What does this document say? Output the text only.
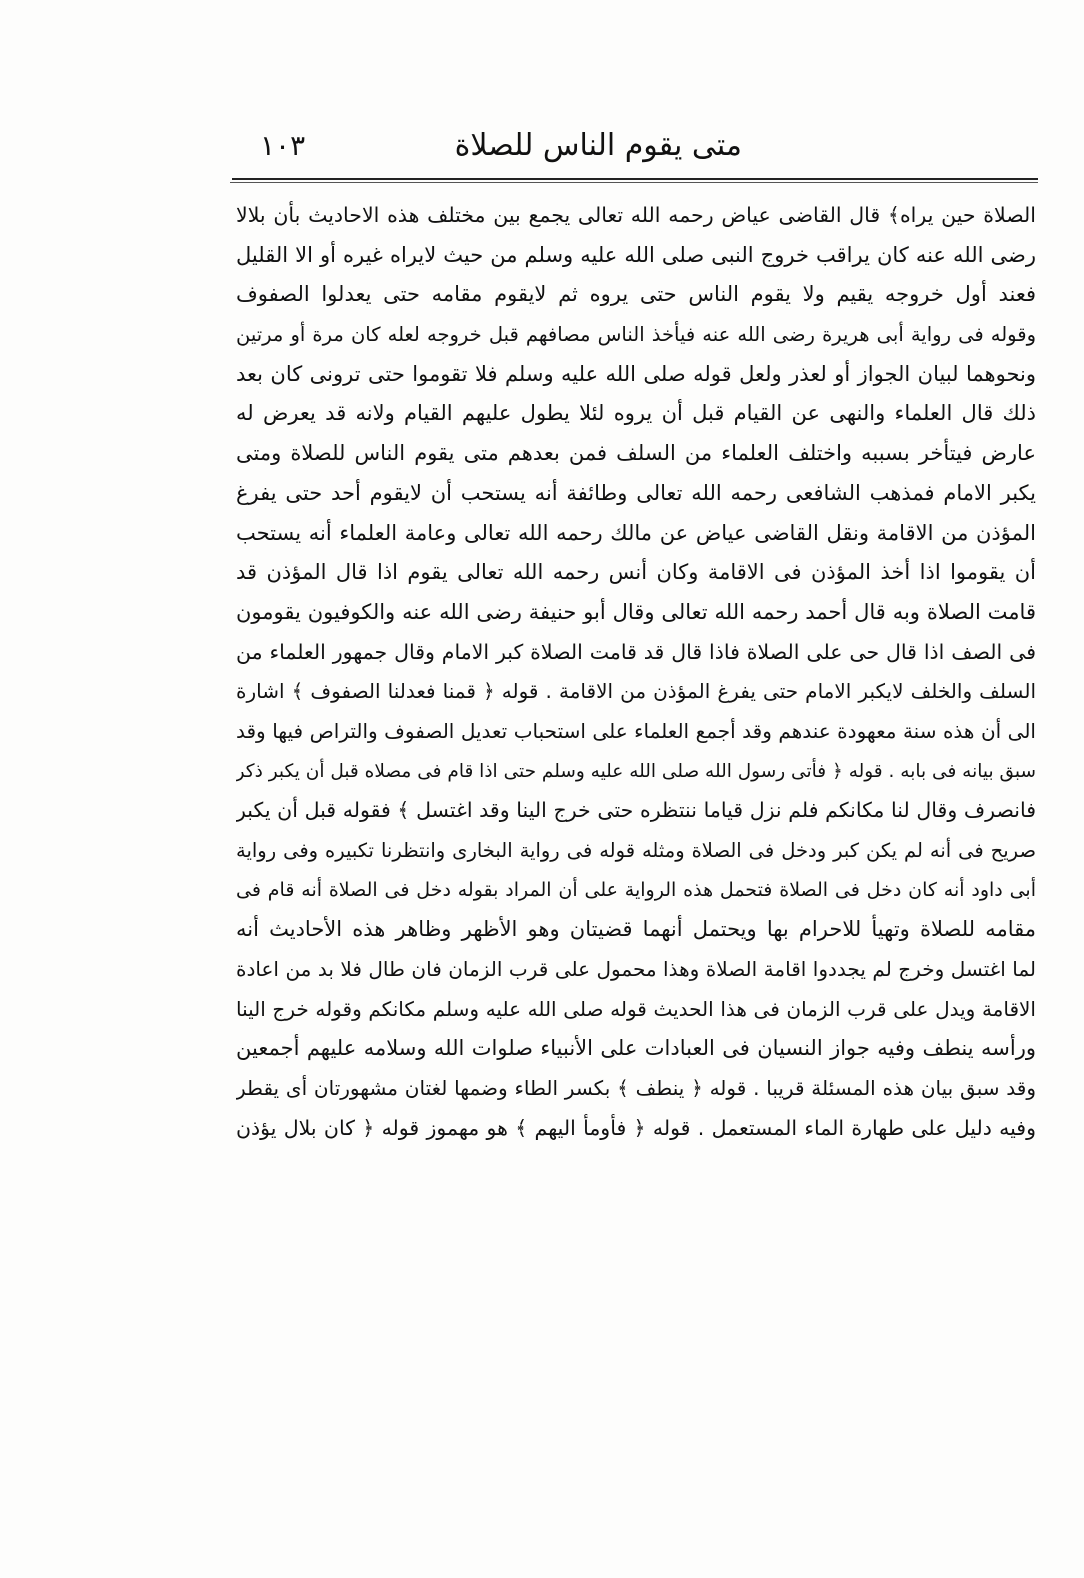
متى يقوم الناس للصلاة
١٠٣
الصلاة حين يراه﴾ قال القاضى عياض رحمه الله تعالى يجمع بين مختلف هذه الاحاديث بأن بلالا
رضى الله عنه كان يراقب خروج النبى صلى الله عليه وسلم من حيث لايراه غيره أو الا القليل
فعند أول خروجه يقيم ولا يقوم الناس حتى يروه ثم لايقوم مقامه حتى يعدلوا الصفوف
وقوله فى رواية أبى هريرة رضى الله عنه فيأخذ الناس مصافهم قبل خروجه لعله كان مرة أو مرتين
ونحوهما لبيان الجواز أو لعذر ولعل قوله صلى الله عليه وسلم فلا تقوموا حتى ترونى كان بعد
ذلك قال العلماء والنهى عن القيام قبل أن يروه لئلا يطول عليهم القيام ولانه قد يعرض له
عارض فيتأخر بسببه واختلف العلماء من السلف فمن بعدهم متى يقوم الناس للصلاة ومتى
يكبر الامام فمذهب الشافعى رحمه الله تعالى وطائفة أنه يستحب أن لايقوم أحد حتى يفرغ
المؤذن من الاقامة ونقل القاضى عياض عن مالك رحمه الله تعالى وعامة العلماء أنه يستحب
أن يقوموا اذا أخذ المؤذن فى الاقامة وكان أنس رحمه الله تعالى يقوم اذا قال المؤذن قد
قامت الصلاة وبه قال أحمد رحمه الله تعالى وقال أبو حنيفة رضى الله عنه والكوفيون يقومون
فى الصف اذا قال حى على الصلاة فاذا قال قد قامت الصلاة كبر الامام وقال جمهور العلماء من
السلف والخلف لايكبر الامام حتى يفرغ المؤذن من الاقامة . قوله ﴿ قمنا فعدلنا الصفوف ﴾ اشارة
الى أن هذه سنة معهودة عندهم وقد أجمع العلماء على استحباب تعديل الصفوف والتراص فيها وقد
سبق بيانه فى بابه . قوله ﴿ فأتى رسول الله صلى الله عليه وسلم حتى اذا قام فى مصلاه قبل أن يكبر ذكر
فانصرف وقال لنا مكانكم فلم نزل قياما ننتظره حتى خرج الينا وقد اغتسل ﴾ فقوله قبل أن يكبر
صريح فى أنه لم يكن كبر ودخل فى الصلاة ومثله قوله فى رواية البخارى وانتظرنا تكبيره وفى رواية
أبى داود أنه كان دخل فى الصلاة فتحمل هذه الرواية على أن المراد بقوله دخل فى الصلاة أنه قام فى
مقامه للصلاة وتهيأ للاحرام بها ويحتمل أنهما قضيتان وهو الأظهر وظاهر هذه الأحاديث أنه
لما اغتسل وخرج لم يجددوا اقامة الصلاة وهذا محمول على قرب الزمان فان طال فلا بد من اعادة
الاقامة ويدل على قرب الزمان فى هذا الحديث قوله صلى الله عليه وسلم مكانكم وقوله خرج الينا
ورأسه ينطف وفيه جواز النسيان فى العبادات على الأنبياء صلوات الله وسلامه عليهم أجمعين
وقد سبق بيان هذه المسئلة قريبا . قوله ﴿ ينطف ﴾ بكسر الطاء وضمها لغتان مشهورتان أى يقطر
وفيه دليل على طهارة الماء المستعمل . قوله ﴿ فأومأ اليهم ﴾ هو مهموز قوله ﴿ كان بلال يؤذن
